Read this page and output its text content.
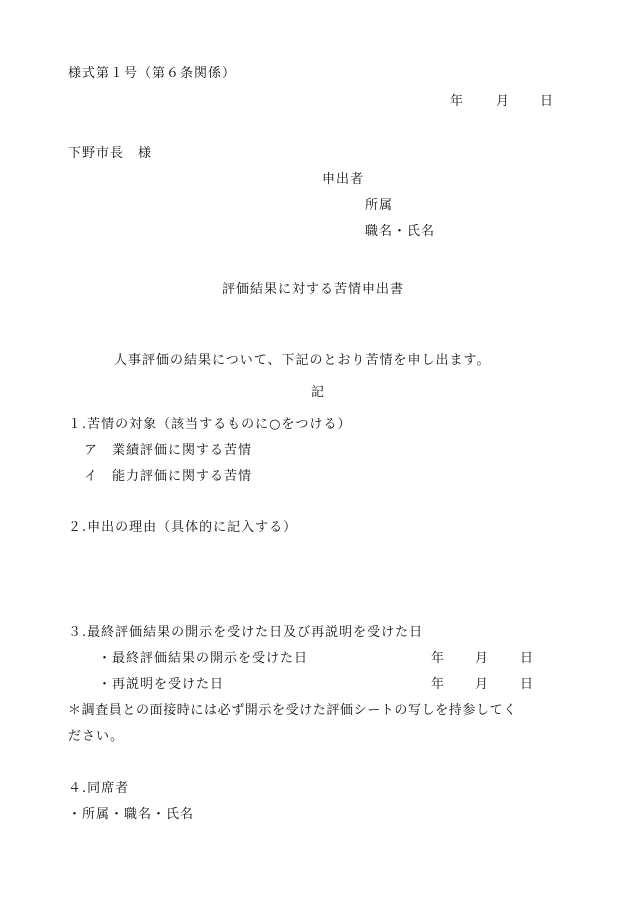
様式第１号（第６条関係）
年 月 日
下野市長　様
申出者
所属
職名・氏名
評価結果に対する苦情申出書
人事評価の結果について、下記のとおり苦情を申し出ます。
記
１.苦情の対象（該当するものに○をつける）
ア　業績評価に関する苦情
イ　能力評価に関する苦情
２.申出の理由（具体的に記入する）
３.最終評価結果の開示を受けた日及び再説明を受けた日
・最終評価結果の開示を受けた日	年 月 日
・再説明を受けた日	年 月 日
＊調査員との面接時には必ず開示を受けた評価シートの写しを持参してく
ださい。
４.同席者
・所属・職名・氏名
